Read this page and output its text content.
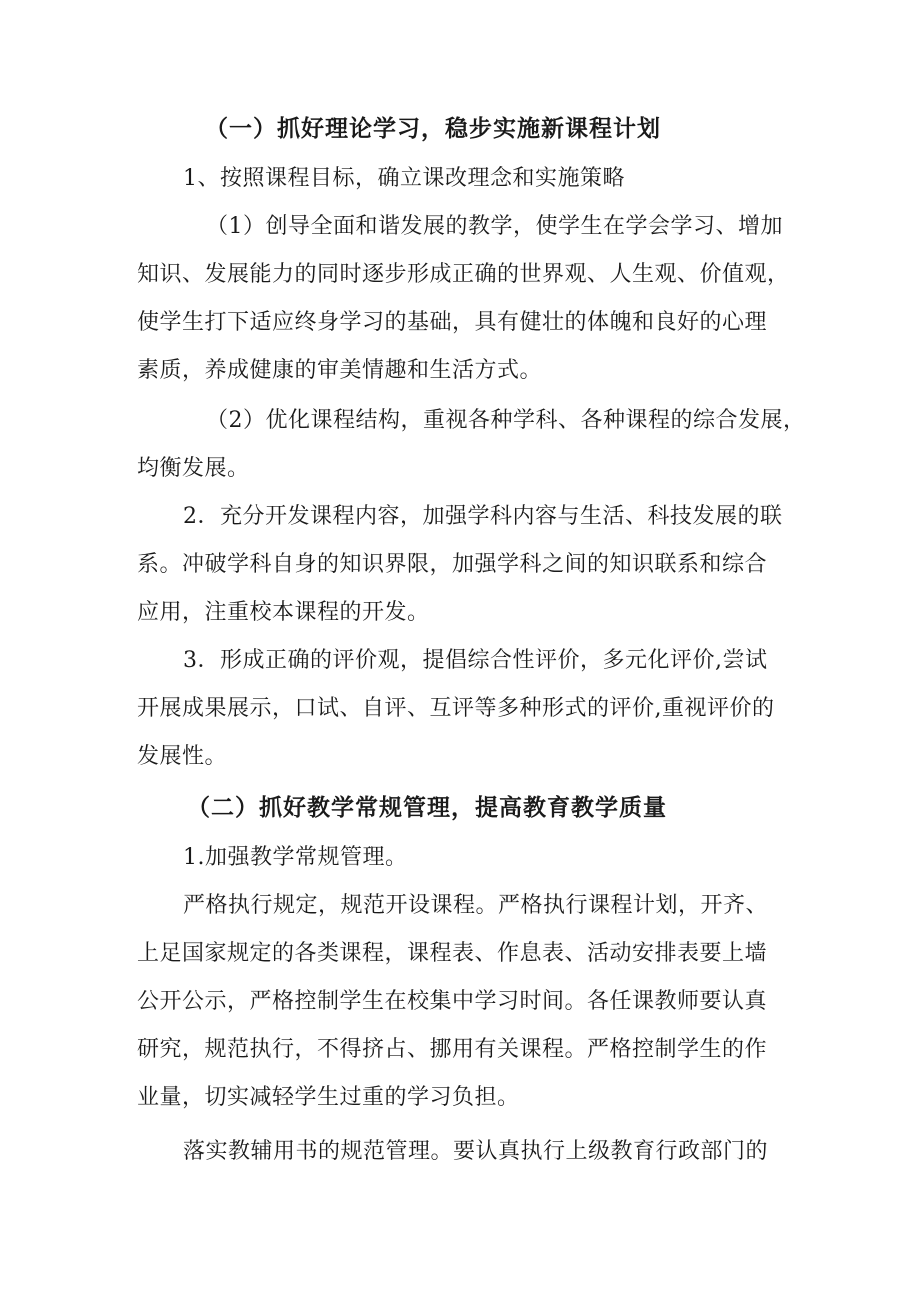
（一）抓好理论学习，稳步实施新课程计划
1、按照课程目标，确立课改理念和实施策略
（1）创导全面和谐发展的教学，使学生在学会学习、增加
知识、发展能力的同时逐步形成正确的世界观、人生观、价值观，
使学生打下适应终身学习的基础，具有健壮的体魄和良好的心理
素质，养成健康的审美情趣和生活方式。
（2）优化课程结构，重视各种学科、各种课程的综合发展，
均衡发展。
2．充分开发课程内容，加强学科内容与生活、科技发展的联
系。冲破学科自身的知识界限，加强学科之间的知识联系和综合
应用，注重校本课程的开发。
3．形成正确的评价观，提倡综合性评价，多元化评价,尝试
开展成果展示，口试、自评、互评等多种形式的评价,重视评价的
发展性。
（二）抓好教学常规管理，提高教育教学质量
1.加强教学常规管理。
严格执行规定，规范开设课程。严格执行课程计划，开齐、
上足国家规定的各类课程，课程表、作息表、活动安排表要上墙
公开公示，严格控制学生在校集中学习时间。各任课教师要认真
研究，规范执行，不得挤占、挪用有关课程。严格控制学生的作
业量，切实减轻学生过重的学习负担。
落实教辅用书的规范管理。要认真执行上级教育行政部门的
